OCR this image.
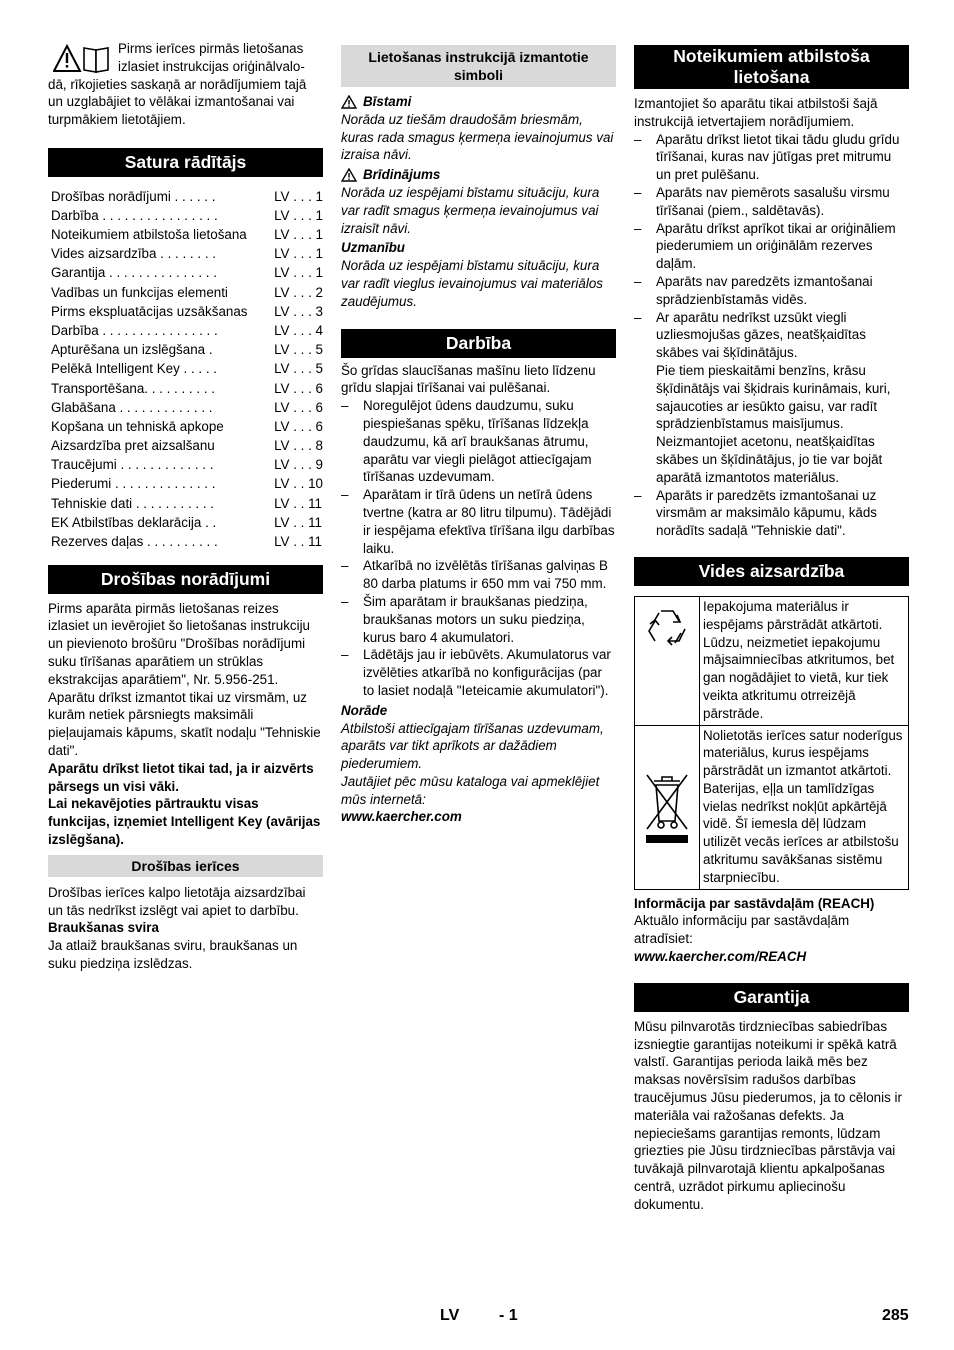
Pirms ierīces pirmās lietošanas

izlasiet instrukcijas oriģinālvalo-

dā, rīkojieties saskaņā ar norādījumiem tajā un uzglabājiet to vēlākai izmantošanai vai turpmākiem lietotājiem.

Satura rādītājs
Drošības norādījumi . . . . . .	LV . . . 1
Darbība . . . . . . . . . . . . . . . .	LV . . . 1
Noteikumiem atbilstoša lietošana	LV . . . 1
Vides aizsardzība . . . . . . . .	LV . . . 1
Garantija . . . . . . . . . . . . . . .	LV . . . 1
Vadības un funkcijas elementi	LV . . . 2
Pirms ekspluatācijas uzsākšanas	LV . . . 3
Darbība . . . . . . . . . . . . . . . .	LV . . . 4
Apturēšana un izslēgšana .	LV . . . 5
Pelēkā Intelligent Key . . . . .	LV . . . 5
Transportēšana. . . . . . . . . .	LV . . . 6
Glabāšana . . . . . . . . . . . . .	LV . . . 6
Kopšana un tehniskā apkope	LV . . . 6
Aizsardzība pret aizsalšanu	LV . . . 8
Traucējumi . . . . . . . . . . . . .	LV . . . 9
Piederumi . . . . . . . . . . . . . .	LV . . 10
Tehniskie dati . . . . . . . . . . .	LV . . 11
EK Atbilstības deklarācija . .	LV . . 11
Rezerves daļas . . . . . . . . . .	LV . . 11
Drošības norādījumi

Pirms aparāta pirmās lietošanas reizes izlasiet un ievērojiet šo lietošanas instrukciju un pievienoto brošūru "Drošības norādījumi suku tīrīšanas aparātiem un strūklas ekstrakcijas aparātiem", Nr. 5.956-251. Aparātu drīkst izmantot tikai uz virsmām, uz kurām netiek pārsniegts maksimāli pieļaujamais kāpums, skatīt nodaļu "Tehniskie dati".

Aparātu drīkst lietot tikai tad, ja ir aizvērts pārsegs un visi vāki.

Lai nekavējoties pārtrauktu visas funkcijas, izņemiet Intelligent Key (avārijas izslēgšana).

Drošības ierīces

Drošības ierīces kalpo lietotāja aizsardzībai un tās nedrīkst izslēgt vai apiet to darbību.

Braukšanas svira

Ja atlaiž braukšanas sviru, braukšanas un suku piedziņa izslēdzas.

Lietošanas instrukcijā izmantotie simboli
Bīstami

Norāda uz tiešām draudošām briesmām, kuras rada smagus ķermeņa ievainojumus vai izraisa nāvi.

Brīdinājums

Norāda uz iespējami bīstamu situāciju, kura var radīt smagus ķermeņa ievainojumus vai izraisīt nāvi.

Uzmanību

Norāda uz iespējami bīstamu situāciju, kura var radīt vieglus ievainojumus vai materiālos zaudējumus.

Darbība

Šo grīdas slaucīšanas mašīnu lieto līdzenu grīdu slapjai tīrīšanai vai pulēšanai.

– Noregulējot ūdens daudzumu, suku piespiešanas spēku, tīrīšanas līdzekļa daudzumu, kā arī braukšanas ātrumu, aparātu var viegli pielāgot attiecīgajam tīrīšanas uzdevumam.

– Aparātam ir tīrā ūdens un netīrā ūdens tvertne (katra ar 80 litru tilpumu). Tādējādi ir iespējama efektīva tīrīšana ilgu darbības laiku.

– Atkarībā no izvēlētās tīrīšanas galviņas B 80 darba platums ir 650 mm vai 750 mm.

– Šim aparātam ir braukšanas piedziņa, braukšanas motors un suku piedziņa, kurus baro 4 akumulatori.

– Lādētājs jau ir iebūvēts. Akumulatorus var izvēlēties atkarībā no konfigurācijas (par to lasiet nodaļā "Ieteicamie akumulatori").

Norāde

Atbilstoši attiecīgajam tīrīšanas uzdevumam, aparāts var tikt aprīkots ar dažādiem piederumiem.

Jautājiet pēc mūsu kataloga vai apmeklējiet mūs internetā:

www.kaercher.com

Noteikumiem atbilstoša lietošana

Izmantojiet šo aparātu tikai atbilstoši šajā instrukcijā ietvertajiem norādījumiem.

– Aparātu drīkst lietot tikai tādu gludu grīdu tīrīšanai, kuras nav jūtīgas pret mitrumu un pret pulēšanu.

– Aparāts nav piemērots sasalušu virsmu tīrīšanai (piem., saldētavās).

– Aparātu drīkst aprīkot tikai ar oriģināliem piederumiem un oriģinālām rezerves daļām.

– Aparāts nav paredzēts izmantošanai sprādzienbīstamās vidēs.

– Ar aparātu nedrīkst uzsūkt viegli uzliesmojušas gāzes, neatšķaidītas skābes vai šķīdinātājus.

Pie tiem pieskaitāmi benzīns, krāsu šķīdinātājs vai šķidrais kurināmais, kuri, sajaucoties ar iesūkto gaisu, var radīt sprādzienbīstamus maisījumus. Neizmantojiet acetonu, neatšķaidītas skābes un šķīdinātājus, jo tie var bojāt aparātā izmantotos materiālus.

– Aparāts ir paredzēts izmantošanai uz virsmām ar maksimālo kāpumu, kāds norādīts sadaļā "Tehniskie dati".

Vides aizsardzība
	Iepakojuma materiālus ir iespējams pārstrādāt atkārtoti. Lūdzu, neizmetiet iepakojumu mājsaimniecības atkritumos, bet gan nogādājiet to vietā, kur tiek veikta atkritumu otrreizējā pārstrāde.
	Nolietotās ierīces satur noderīgus materiālus, kurus iespējams pārstrādāt un izmantot atkārtoti. Baterijas, eļļa un tamlīdzīgas vielas nedrīkst nokļūt apkārtējā vidē. Šī iemesla dēļ lūdzam utilizēt vecās ierīces ar atbilstošu atkritumu savākšanas sistēmu starpniecību.

Informācija par sastāvdaļām (REACH)

Aktuālo informāciju par sastāvdaļām atradīsiet:

www.kaercher.com/REACH

Garantija

Mūsu pilnvarotās tirdzniecības sabiedrības izsniegtie garantijas noteikumi ir spēkā katrā valstī. Garantijas perioda laikā mēs bez maksas novērsīsim radušos darbības traucējumus Jūsu piederumos, ja to cēlonis ir materiāla vai ražošanas defekts. Ja nepieciešams garantijas remonts, lūdzam griezties pie Jūsu tirdzniecības pārstāvja vai tuvākajā pilnvarotajā klientu apkalpošanas centrā, uzrādot pirkumu apliecinošu dokumentu.

LV - 1	285
